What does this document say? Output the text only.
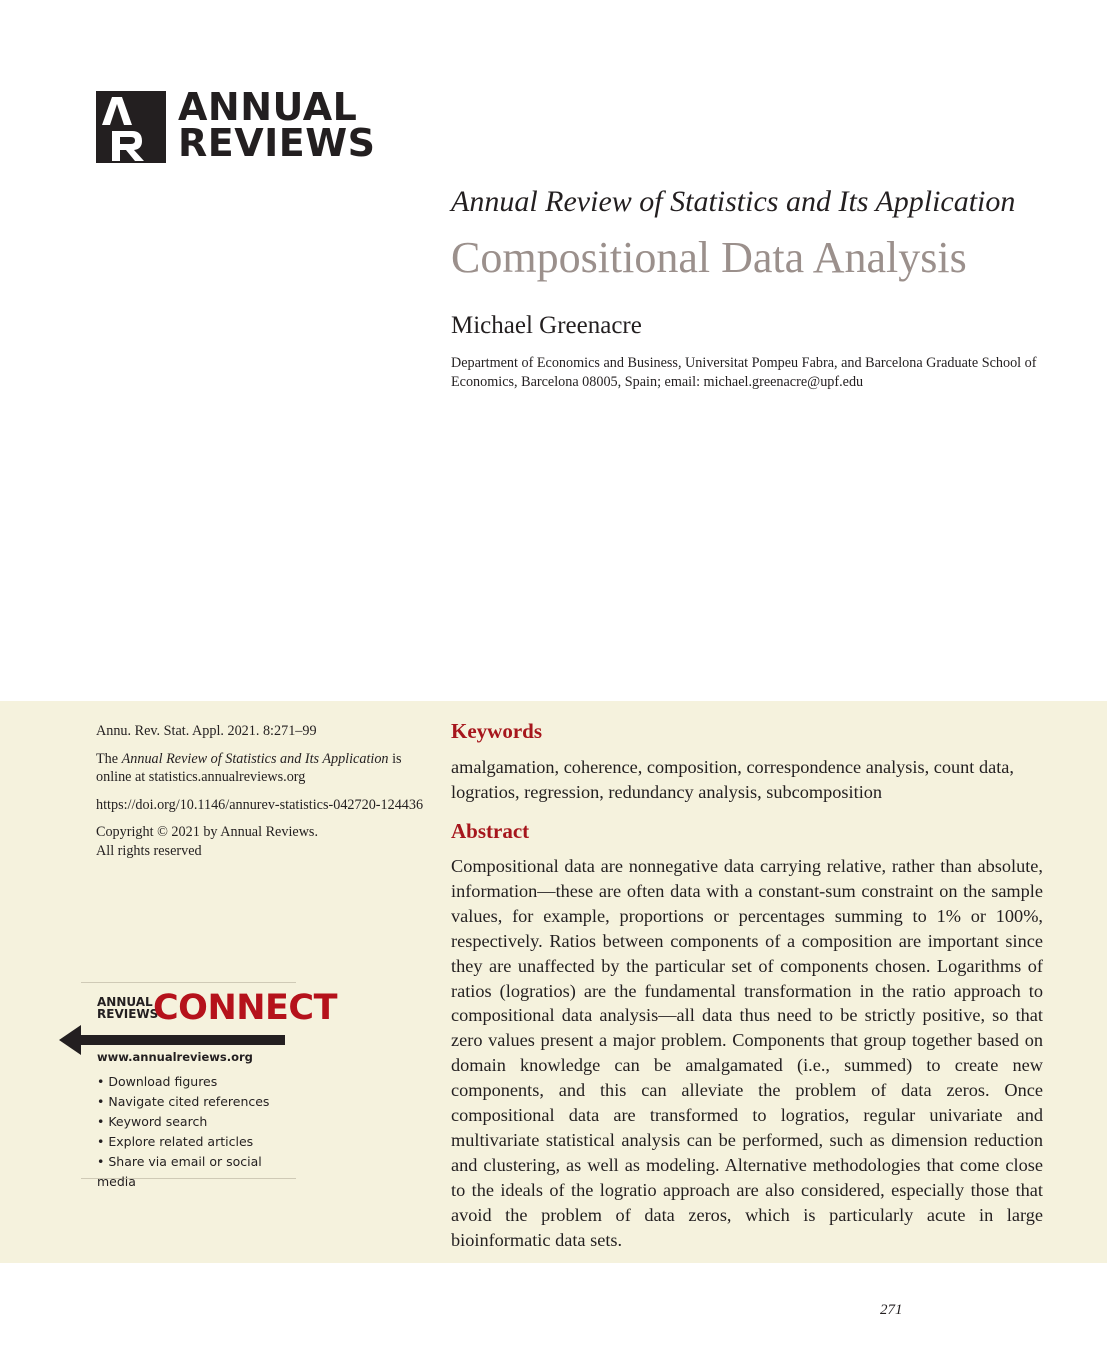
ANNUAL
REVIEWS
Annual Review of Statistics and Its Application
Compositional Data Analysis
Michael Greenacre
Department of Economics and Business, Universitat Pompeu Fabra, and Barcelona Graduate School of Economics, Barcelona 08005, Spain; email: michael.greenacre@upf.edu

Annu. Rev. Stat. Appl. 2021. 8:271–99

The Annual Review of Statistics and Its Application is online at statistics.annualreviews.org

https://doi.org/10.1146/annurev-statistics-042720-124436

Copyright © 2021 by Annual Reviews.
All rights reserved

ANNUAL
REVIEWS
CONNECT
www.annualreviews.org
• Download figures
• Navigate cited references
• Keyword search
• Explore related articles
• Share via email or social media
Keywords
amalgamation, coherence, composition, correspondence analysis, count data, logratios, regression, redundancy analysis, subcomposition
Abstract

Compositional data are nonnegative data carrying relative, rather than absolute, information—these are often data with a constant-sum constraint on the sample values, for example, proportions or percentages summing to 1% or 100%, respectively. Ratios between components of a composition are important since they are unaffected by the particular set of components chosen. Logarithms of ratios (logratios) are the fundamental transformation in the ratio approach to compositional data analysis—all data thus need to be strictly positive, so that zero values present a major problem. Components that group together based on domain knowledge can be amalgamated (i.e., summed) to create new components, and this can alleviate the problem of data zeros. Once compositional data are transformed to logratios, regular univariate and multivariate statistical analysis can be performed, such as dimension reduction and clustering, as well as modeling. Alternative methodologies that come close to the ideals of the logratio approach are also considered, especially those that avoid the problem of data zeros, which is particularly acute in large bioinformatic data sets.

271
